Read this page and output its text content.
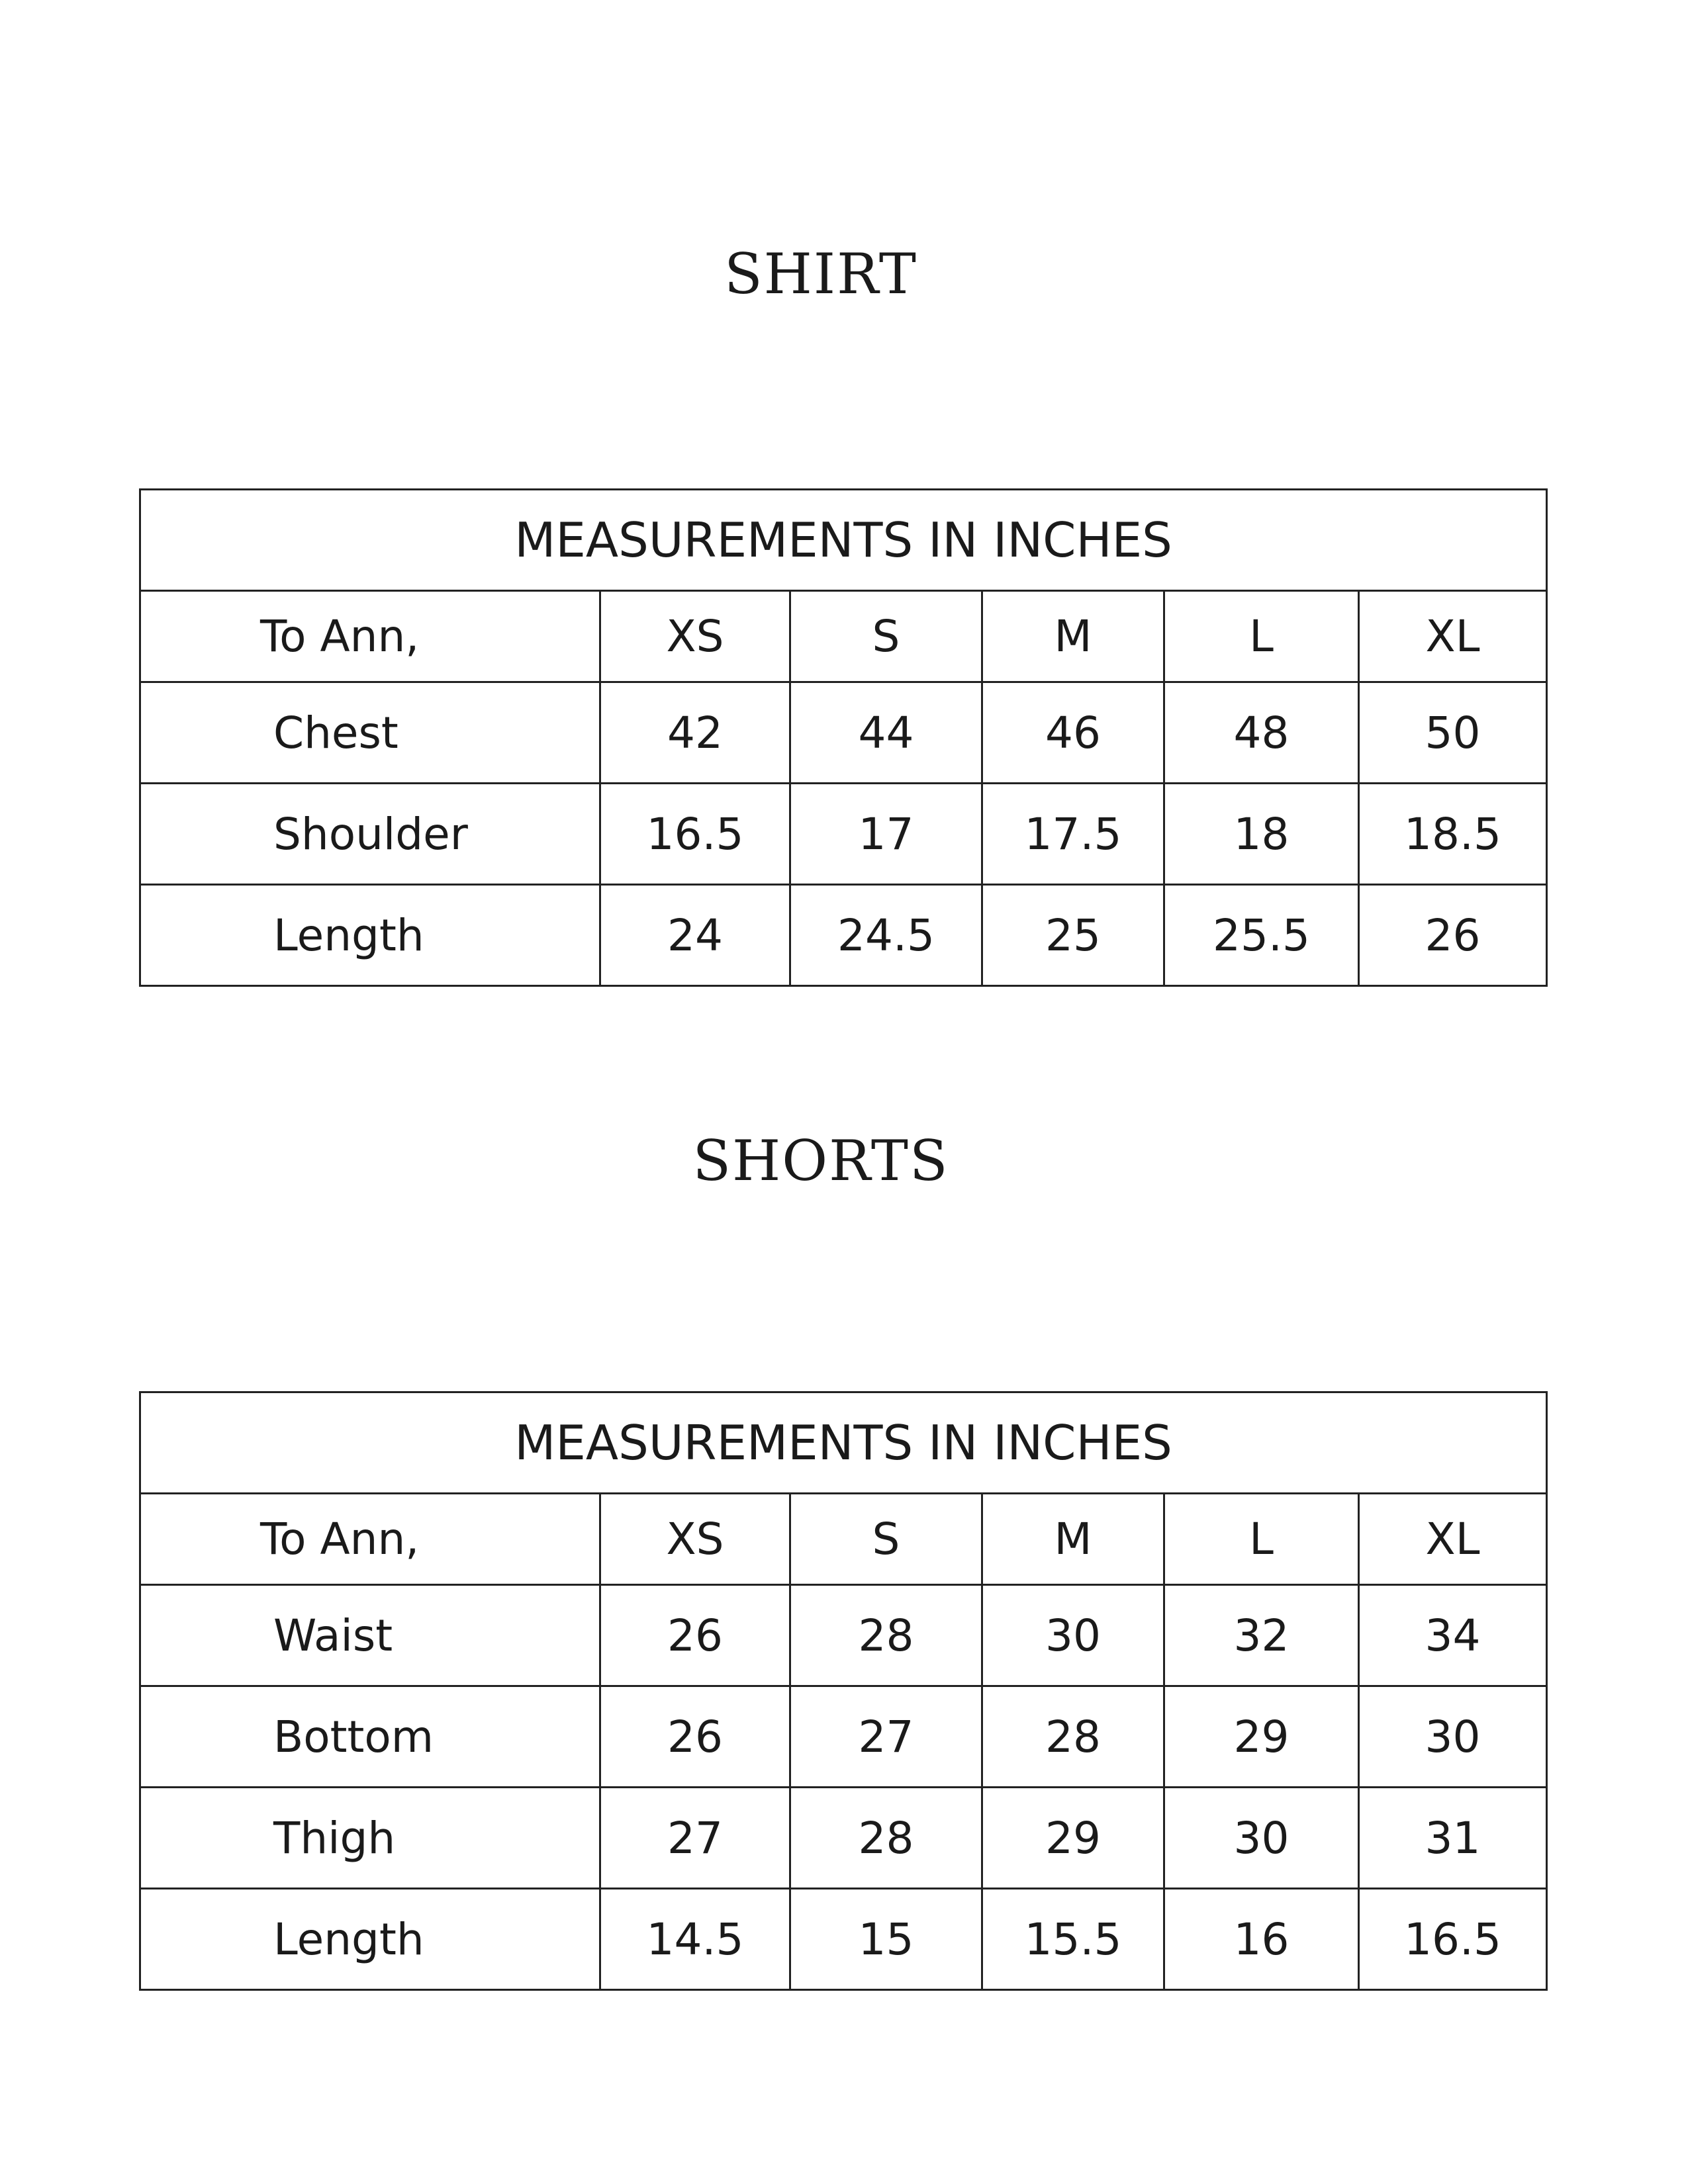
SHIRT
MEASUREMENTS IN INCHES					
To Ann,	XS	S	M	L	XL
Chest	42	44	46	48	50
Shoulder	16.5	17	17.5	18	18.5
Length	24	24.5	25	25.5	26
SHORTS
MEASUREMENTS IN INCHES					
To Ann,	XS	S	M	L	XL
Waist	26	28	30	32	34
Bottom	26	27	28	29	30
Thigh	27	28	29	30	31
Length	14.5	15	15.5	16	16.5
